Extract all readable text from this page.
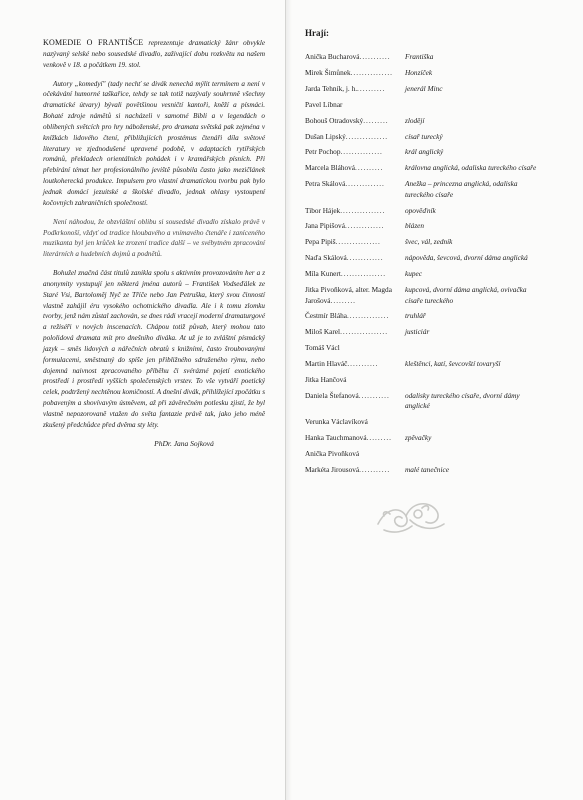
KOMEDIE O FRANTIŠCE reprezentuje dramatický žánr obvykle nazývaný selské nebo sousedské divadlo, zaživající dobu rozkvětu na našem venkově v 18. a počátkem 19. stol.

Autory „komedyí" (tady nechť se divák nenechá mýlit termínem a není v očekávání humorné taškařice, tehdy se tak totiž nazývaly souhrnně všechny dramatické útvary) bývali povětšinou vesničtí kantoři, kněží a písmáci. Bohaté zdroje námětů si nacházeli v samotné Bibli a v legendách o oblíbených světcích pro hry náboženské, pro dramata světská pak zejména v knížkách lidového čtení, přibližujících prostémus čtenáři díla světové literatury ve zjednodušené upravené podobě, v adaptacích rytířských románů, překladech orientálních pohádek i v kramářských písních. Při přebírání témat her profesionálního jeviště působila často jako mezičlánek loutkoherecká produkce. Impulsem pro vlastní dramatickou tvorbu pak bylo jednak domácí jezuitské a školské divadlo, jednak ohlasy vystoupení kočovných zahraničních společností.

Není náhodou, že obzvláštní oblibu si sousedské divadlo získalo právě v Podkrkonoší, vždyť od tradice hloubavého a vnímavého čtenáře i zaníceného muzikanta byl jen krůček ke zrození tradice další – ve svébytném zpracování literárních a hudebních dojmů a podnětů.

Bohužel značná část titulů zanikla spolu s aktivním provozováním her a z anonymity vystupují jen některá jména autorů – František Vodseďálek ze Staré Vsi, Bartoloměj Nyč ze Tříče nebo Jan Petruška, který svou činností vlastně zahájil éru vysokého ochotnického divadla. Ale i k tomu zlomku tvorby, jenž nám zůstal zachován, se dnes rádi vracejí moderní dramaturgové a režiséři v nových inscenacích. Chápou totiž půvab, který mohou tato pololidová dramata mít pro dnešního diváka. At už je to zvláštní písmácký jazyk – směs lidových a nářečních obratů s knižními, často šroubovanými formulacemi, směstnaný do spíše jen přibližného sdruženého rýmu, nebo dojemná naivnost zpracovaného příběhu či svérázné pojetí exotického prostředí i prostředí vyšších společenských vrstev. To vše vytváří poetický celek, podtržený nechtěnou komičností. A dnešní divák, přihlížející zpočátku s pobaveným a shovívavým úsměvem, až při závěrečném potlesku zjistí, že byl vlastně nepozorovaně vtažen do světa fantazie právě tak, jako jeho méně zkušený předchůdce před dvěma sty léty.

PhDr. Jana Sojková
Hrají:
Anička Bucharová...........	Františka
Mirek Šimůnek...............	Honzíček
Jarda Tehník, j. h...........	jenerál Minc
Pavel Líbnar
Bohouš Otradovský.........	zlodějí
Dušan Lipský...............	císař turecký
Petr Pochop...............	král anglický
Marcela Bláhová..........	královna anglická, odaliska tureckého císaře
Petra Skálová..............	Anežka – princezna anglická, odaliska tureckého císaře
Tibor Hájek................	opověďník
Jana Pipišová..............	blázen
Pepa Pipiš................	švec, vál, zedník
Naďa Skálová.............	nápověda, ševcová, dvorní dáma anglická
Míla Kunert................	kupec
Jitka Pivoňková, alter. Magda Jarošová.........
kupcová, dvorní dáma anglická, ovivačka císaře tureckého
Čestmír Bláha...............	truhlář
Miloš Karel.................	justiciár
Tomáš Václ
Martin Hlaváč...........	kleštěnci, katí, ševcovští tovaryší
Jitka Hančová
Daniela Štefanová...........	odalisky tureckého císaře, dvorní dámy anglické
Verunka Václavíková
Hanka Tauchmanová.........	zpěvačky
Anička Pivoňková
Markéta Jirousová...........	malé tanečnice
